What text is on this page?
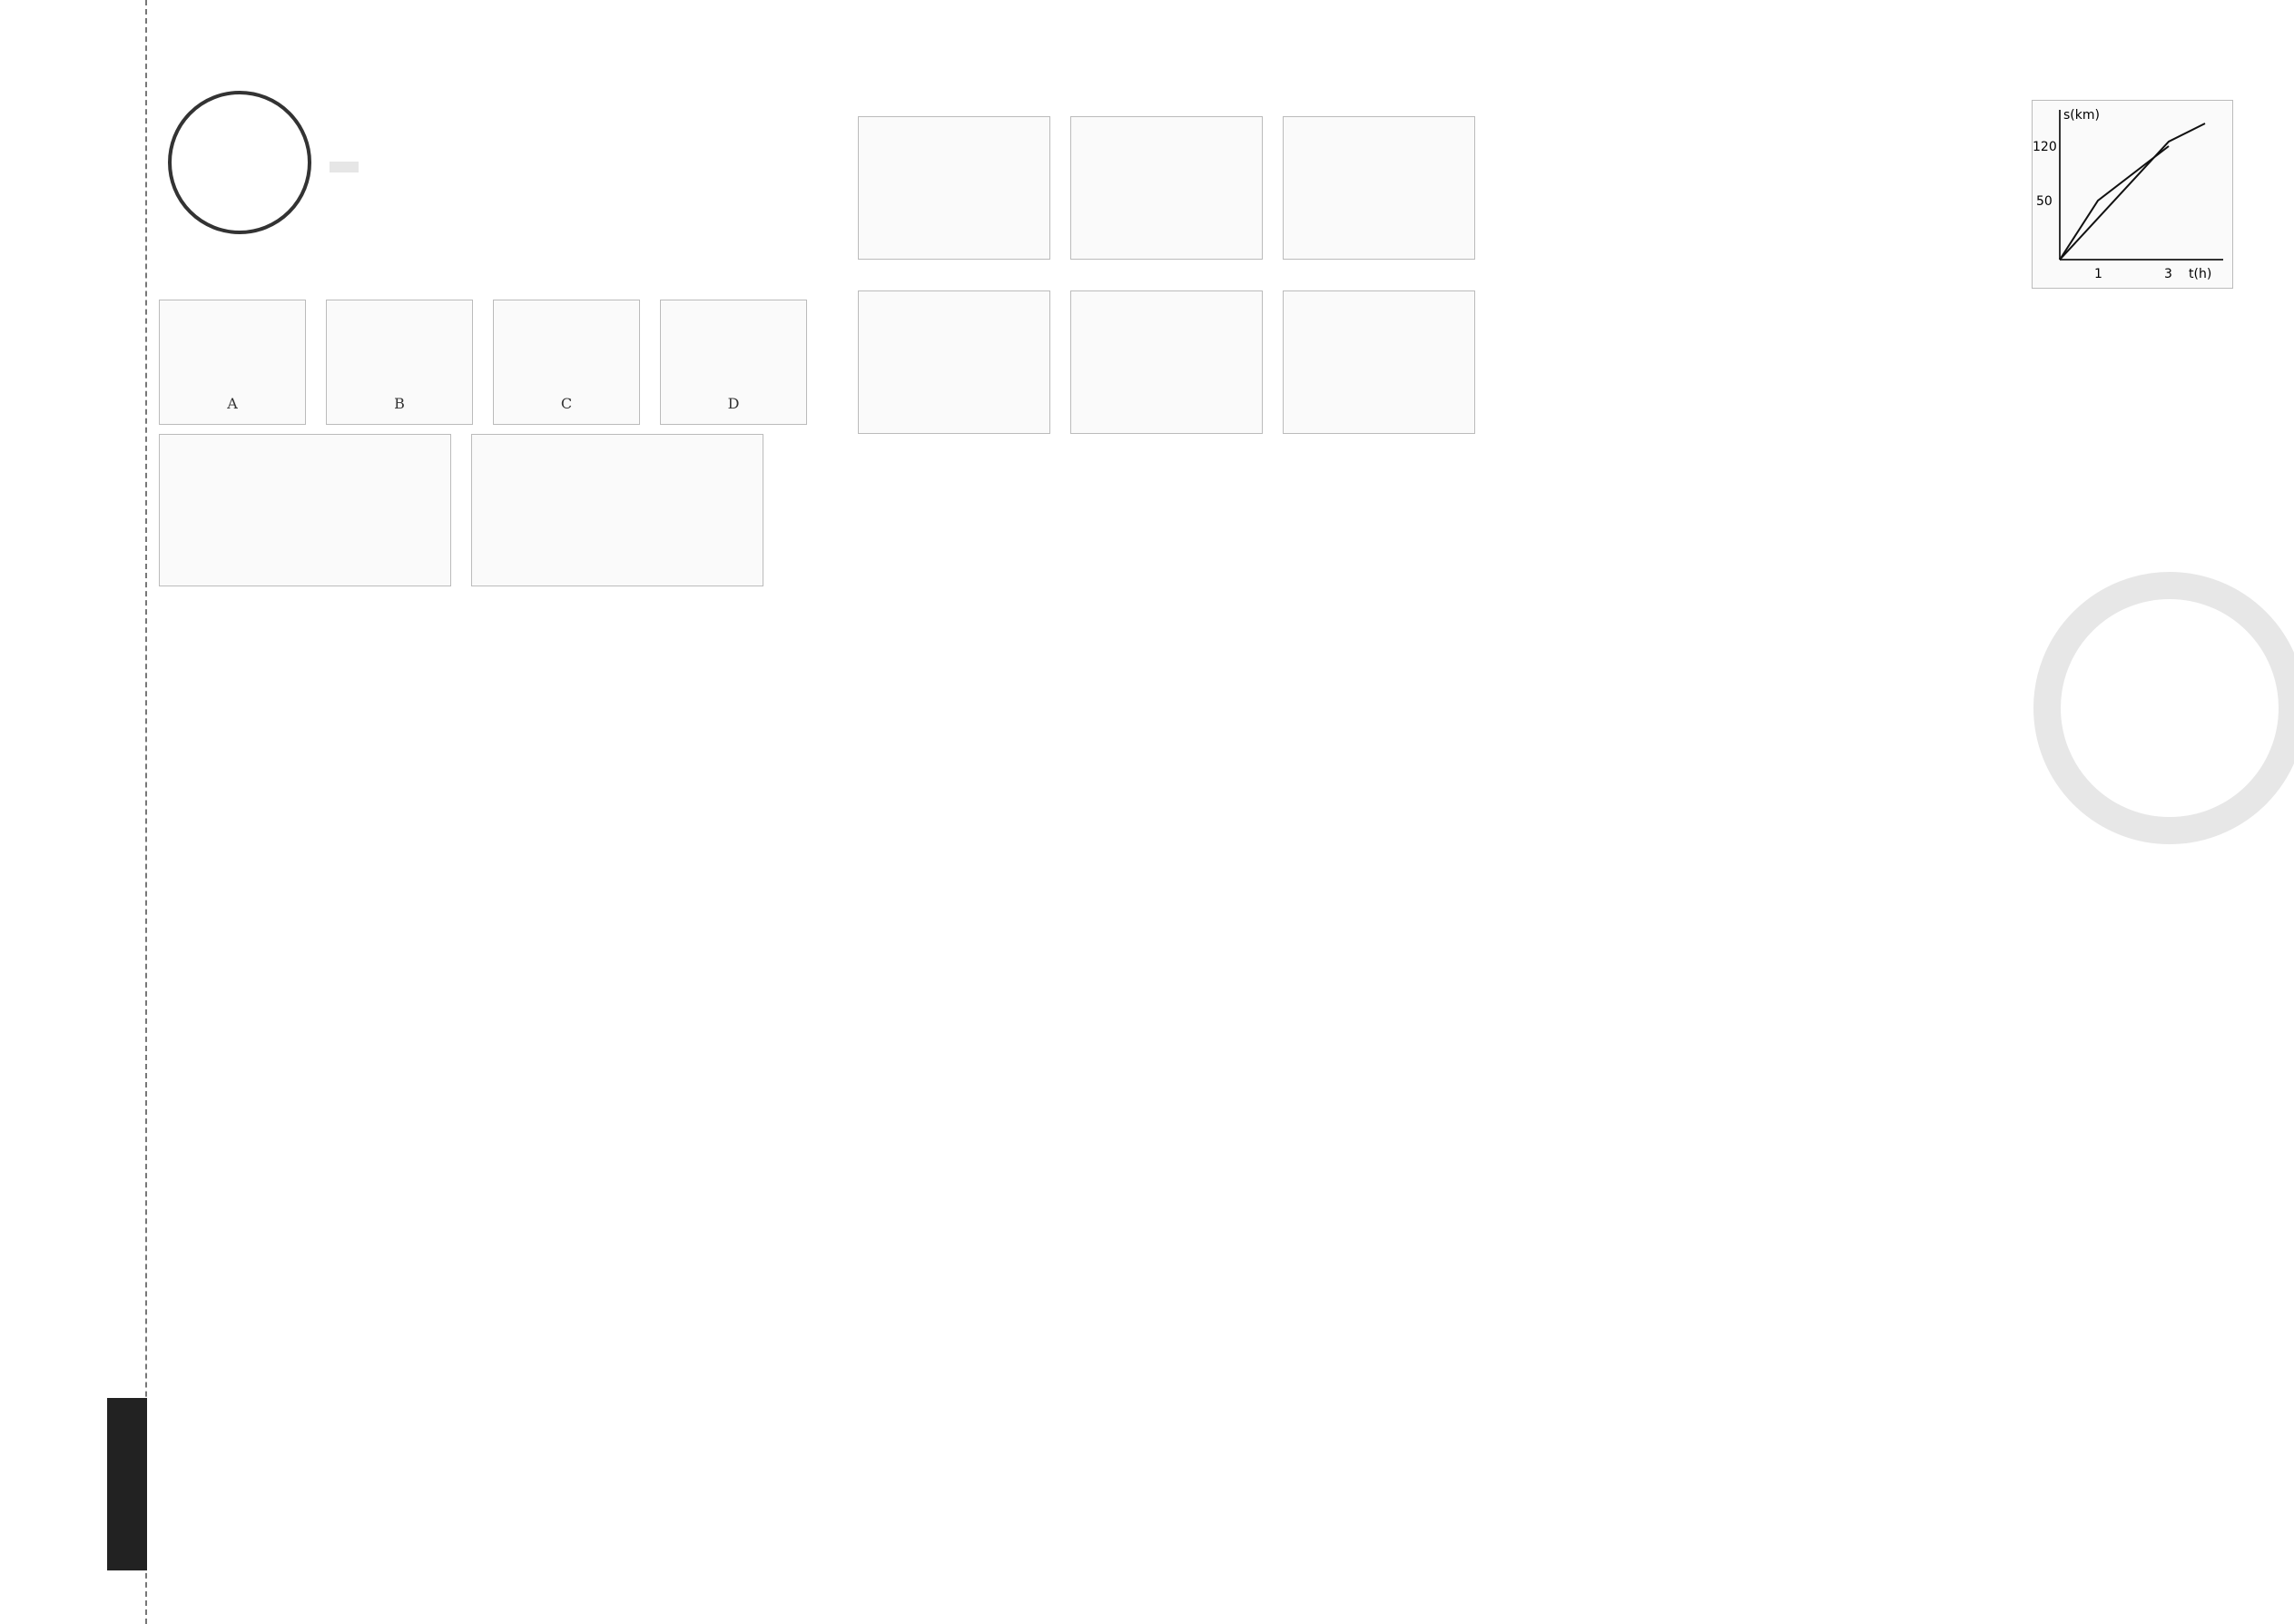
A	B	C	D
s(km)
t(h)
120
50
1	3
